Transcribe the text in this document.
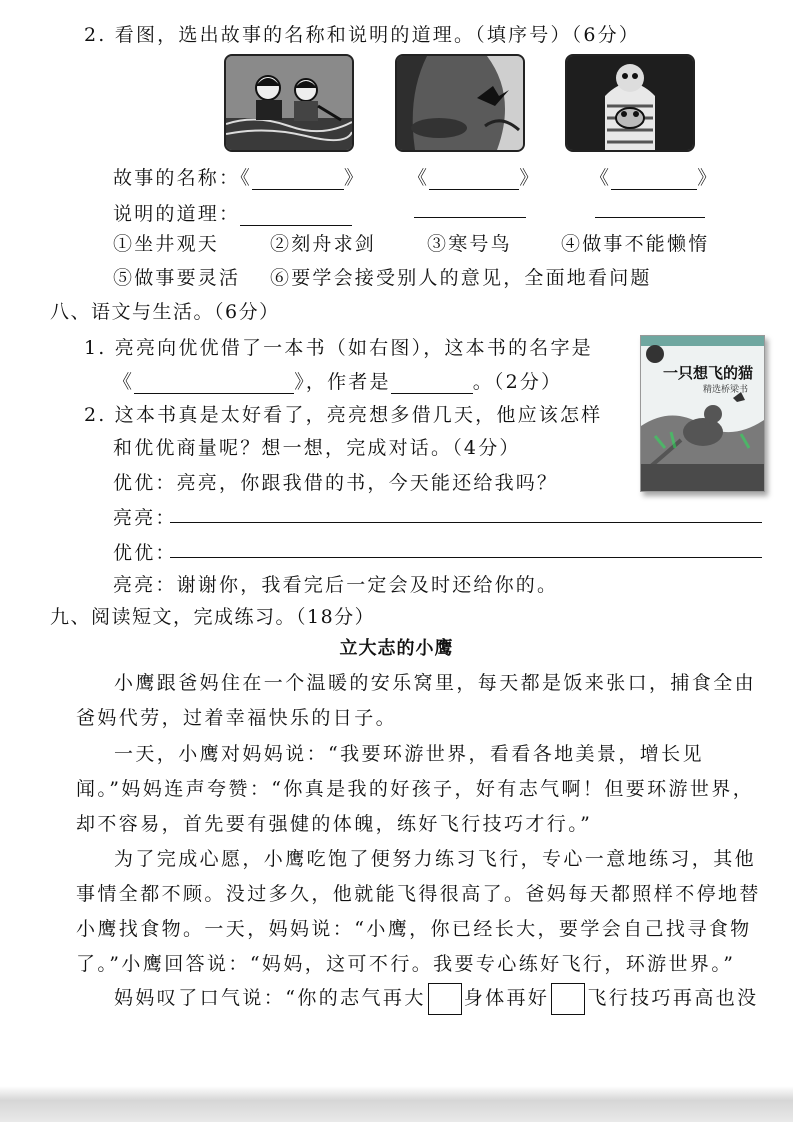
2. 看图，选出故事的名称和说明的道理。（填序号）（6分）
故事的名称：《	》 《	》	《	》
说明的道理：
①坐井观天	②刻舟求剑	③寒号鸟	④做事不能懒惰
⑤做事要灵活 ⑥要学会接受别人的意见，全面地看问题
八、语文与生活。（6分）
1. 亮亮向优优借了一本书（如右图），这本书的名字是
《	》，作者是	。（2分）
2. 这本书真是太好看了，亮亮想多借几天，他应该怎样
和优优商量呢？想一想，完成对话。（4分）
优优：亮亮，你跟我借的书，今天能还给我吗？
亮亮：
优优：
亮亮：谢谢你，我看完后一定会及时还给你的。
一只想飞的猫
精选桥梁书
九、阅读短文，完成练习。（18分）
立大志的小鹰
小鹰跟爸妈住在一个温暖的安乐窝里，每天都是饭来张口，捕食全由爸妈代劳，过着幸福快乐的日子。
一天，小鹰对妈妈说：“我要环游世界，看看各地美景，增长见闻。”妈妈连声夸赞：“你真是我的好孩子，好有志气啊！但要环游世界，却不容易，首先要有强健的体魄，练好飞行技巧才行。”
为了完成心愿，小鹰吃饱了便努力练习飞行，专心一意地练习，其他事情全都不顾。没过多久，他就能飞得很高了。爸妈每天都照样不停地替小鹰找食物。一天，妈妈说：“小鹰，你已经长大，要学会自己找寻食物了。”小鹰回答说：“妈妈，这可不行。我要专心练好飞行，环游世界。”
妈妈叹了口气说：“你的志气再大 身体再好 飞行技巧再高也没
